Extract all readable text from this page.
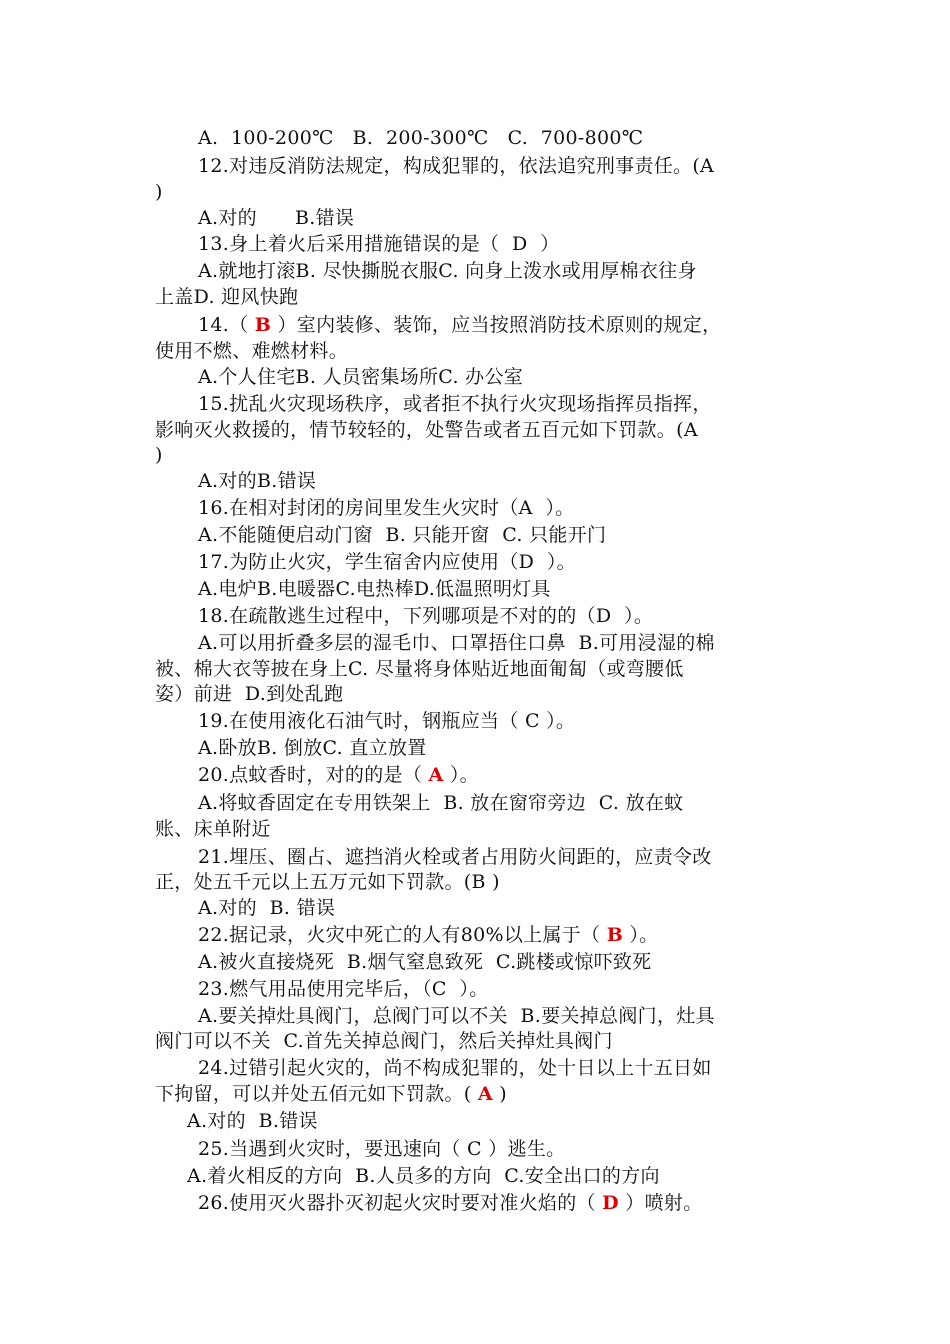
A.  100-200℃   B.  200-300℃   C.  700-800℃
12.对违反消防法规定，构成犯罪的，依法追究刑事责任。(A
)
A.对的      B.错误
13.身上着火后采用措施错误的是（  D  ）
A.就地打滚B. 尽快撕脱衣服C. 向身上泼水或用厚棉衣往身
上盖D. 迎风快跑
14.（ B ）室内装修、装饰，应当按照消防技术原则的规定，
使用不燃、难燃材料。
A.个人住宅B. 人员密集场所C. 办公室
15.扰乱火灾现场秩序，或者拒不执行火灾现场指挥员指挥，
影响灭火救援的，情节较轻的，处警告或者五百元如下罚款。(A
)
A.对的B.错误
16.在相对封闭的房间里发生火灾时（A  ）。
A.不能随便启动门窗  B. 只能开窗  C. 只能开门
17.为防止火灾，学生宿舍内应使用（D  ）。
A.电炉B.电暖器C.电热棒D.低温照明灯具
18.在疏散逃生过程中，下列哪项是不对的的（D  ）。
A.可以用折叠多层的湿毛巾、口罩捂住口鼻  B.可用浸湿的棉
被、棉大衣等披在身上C. 尽量将身体贴近地面匍匐（或弯腰低
姿）前进  D.到处乱跑
19.在使用液化石油气时，钢瓶应当（ C ）。
A.卧放B. 倒放C. 直立放置
20.点蚊香时，对的的是（ A ）。
A.将蚊香固定在专用铁架上  B. 放在窗帘旁边  C. 放在蚊
账、床单附近
21.埋压、圈占、遮挡消火栓或者占用防火间距的，应责令改
正，处五千元以上五万元如下罚款。(B )
A.对的  B. 错误
22.据记录，火灾中死亡的人有80%以上属于（ B ）。
A.被火直接烧死  B.烟气窒息致死  C.跳楼或惊吓致死
23.燃气用品使用完毕后，（C  ）。
A.要关掉灶具阀门，总阀门可以不关  B.要关掉总阀门，灶具
阀门可以不关  C.首先关掉总阀门，然后关掉灶具阀门
24.过错引起火灾的，尚不构成犯罪的，处十日以上十五日如
下拘留，可以并处五佰元如下罚款。( A )
A.对的  B.错误
25.当遇到火灾时，要迅速向（ C ）逃生。
A.着火相反的方向  B.人员多的方向  C.安全出口的方向
26.使用灭火器扑灭初起火灾时要对准火焰的（ D ）喷射。
